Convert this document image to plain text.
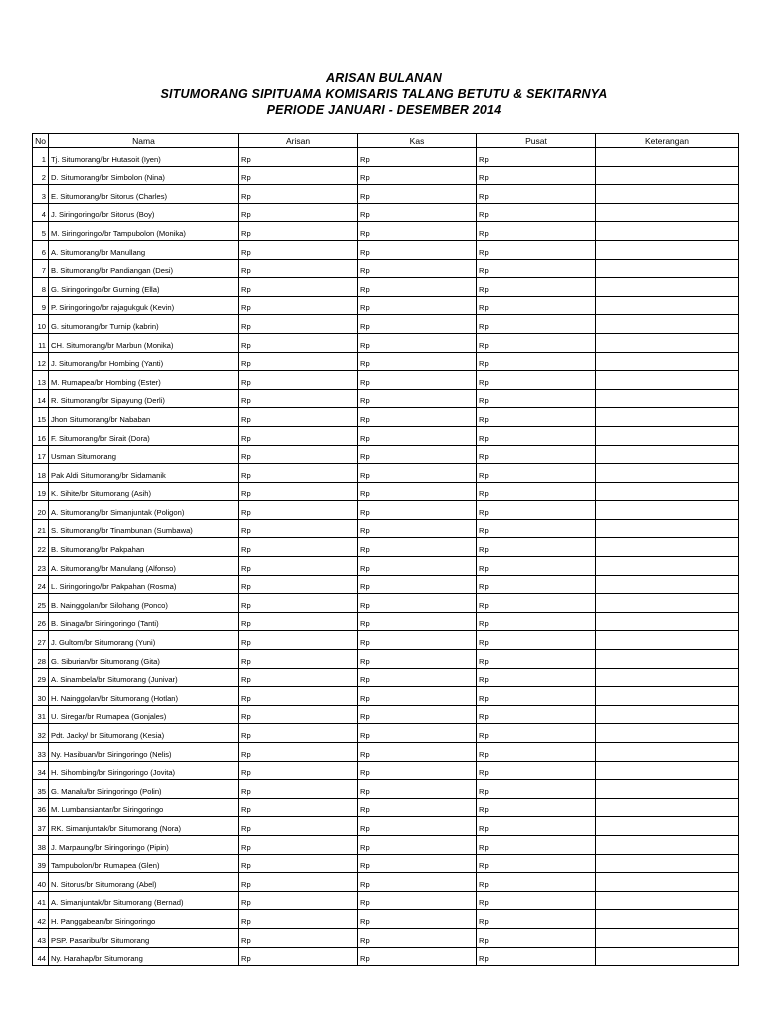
ARISAN BULANAN
SITUMORANG SIPITUAMA KOMISARIS TALANG BETUTU & SEKITARNYA
PERIODE JANUARI - DESEMBER 2014
No	Nama	Arisan	Kas	Pusat	Keterangan
1	Tj. Situmorang/br Hutasoit (Iyen)	Rp	Rp	Rp	
2	D. Situmorang/br Simbolon (Nina)	Rp	Rp	Rp	
3	E. Situmorang/br Sitorus (Charles)	Rp	Rp	Rp	
4	J. Siringoringo/br Sitorus (Boy)	Rp	Rp	Rp	
5	M. Siringoringo/br Tampubolon (Monika)	Rp	Rp	Rp	
6	A. Situmorang/br Manullang	Rp	Rp	Rp	
7	B. Situmorang/br Pandiangan (Desi)	Rp	Rp	Rp	
8	G. Siringoringo/br Gurning (Ella)	Rp	Rp	Rp	
9	P. Siringoringo/br rajagukguk (Kevin)	Rp	Rp	Rp	
10	G. situmorang/br Turnip (kabrin)	Rp	Rp	Rp	
11	CH. Situmorang/br Marbun (Monika)	Rp	Rp	Rp	
12	J. Situmorang/br Hombing (Yanti)	Rp	Rp	Rp	
13	M. Rumapea/br Hombing (Ester)	Rp	Rp	Rp	
14	R. Situmorang/br Sipayung (Derli)	Rp	Rp	Rp	
15	Jhon Situmorang/br Nababan	Rp	Rp	Rp	
16	F. Situmorang/br Sirait (Dora)	Rp	Rp	Rp	
17	Usman Situmorang	Rp	Rp	Rp	
18	Pak Aldi Situmorang/br Sidamanik	Rp	Rp	Rp	
19	K. Sihite/br Situmorang (Asih)	Rp	Rp	Rp	
20	A. Situmorang/br Simanjuntak (Poligon)	Rp	Rp	Rp	
21	S. Situmorang/br Tinambunan (Sumbawa)	Rp	Rp	Rp	
22	B. Situmorang/br Pakpahan	Rp	Rp	Rp	
23	A. Situmorang/br Manulang (Alfonso)	Rp	Rp	Rp	
24	L. Siringoringo/br Pakpahan (Rosma)	Rp	Rp	Rp	
25	B. Nainggolan/br Silohang (Ponco)	Rp	Rp	Rp	
26	B. Sinaga/br Siringoringo (Tanti)	Rp	Rp	Rp	
27	J. Gultom/br Situmorang (Yuni)	Rp	Rp	Rp	
28	G. Siburian/br Situmorang (Gita)	Rp	Rp	Rp	
29	A. Sinambela/br Situmorang (Junivar)	Rp	Rp	Rp	
30	H. Nainggolan/br Situmorang (Hotlan)	Rp	Rp	Rp	
31	U. Siregar/br Rumapea (Gonjales)	Rp	Rp	Rp	
32	Pdt. Jacky/ br Situmorang (Kesia)	Rp	Rp	Rp	
33	Ny. Hasibuan/br Siringoringo (Nelis)	Rp	Rp	Rp	
34	H. Sihombing/br Siringoringo (Jovita)	Rp	Rp	Rp	
35	G. Manalu/br Siringoringo (Polin)	Rp	Rp	Rp	
36	M. Lumbansiantar/br Siringoringo	Rp	Rp	Rp	
37	RK. Simanjuntak/br Situmorang (Nora)	Rp	Rp	Rp	
38	J. Marpaung/br Siringoringo (Pipin)	Rp	Rp	Rp	
39	Tampubolon/br Rumapea (Glen)	Rp	Rp	Rp	
40	N. Sitorus/br Situmorang (Abel)	Rp	Rp	Rp	
41	A. Simanjuntak/br Situmorang (Bernad)	Rp	Rp	Rp	
42	H. Panggabean/br Siringoringo	Rp	Rp	Rp	
43	PSP. Pasaribu/br Situmorang	Rp	Rp	Rp	
44	Ny. Harahap/br Situmorang	Rp	Rp	Rp	
